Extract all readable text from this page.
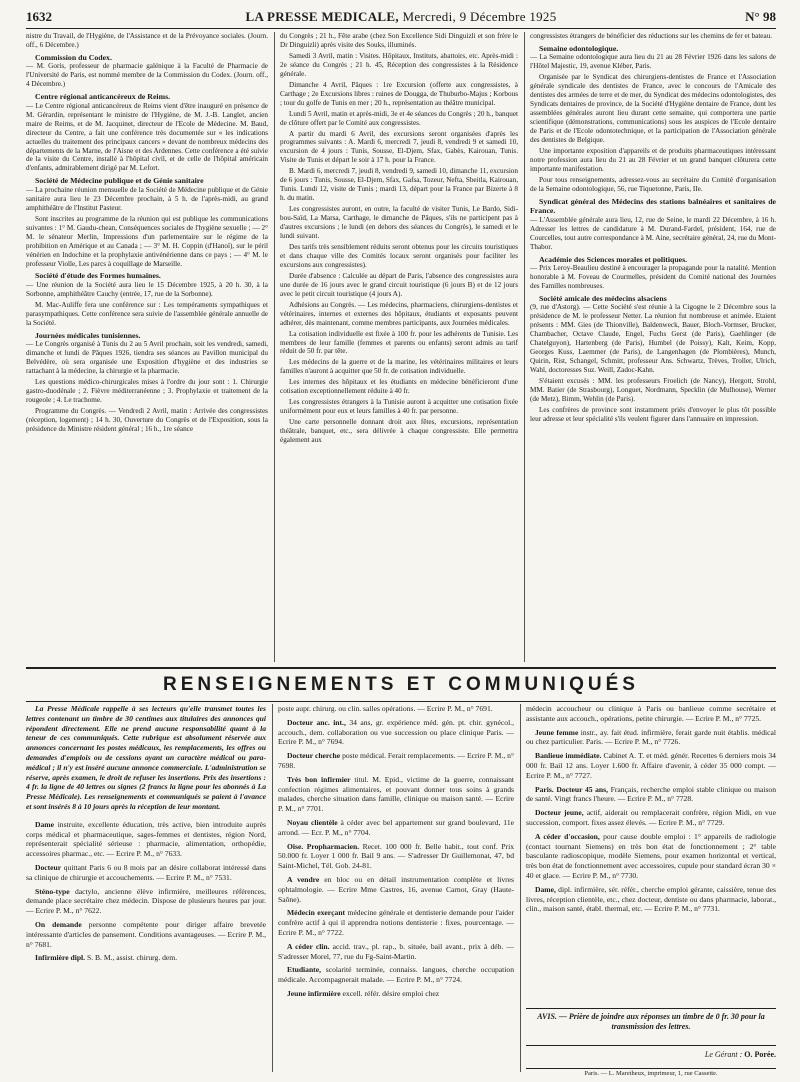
1632	LA PRESSE MEDICALE, Mercredi, 9 Décembre 1925	N° 98

nistre du Travail, de l'Hygiène, de l'Assistance et de la Prévoyance sociales. (Journ. off., 6 Décembre.)

Commission du Codex.

— M. Goris, professeur de pharmacie galénique à la Faculté de Pharmacie de l'Université de Paris, est nommé membre de la Commission du Codex. (Journ. off., 4 Décembre.)

Centre régional anticancéreux de Reims.

— Le Centre régional anticancéreux de Reims vient d'être inauguré en présence de M. Gérardin, représentant le ministre de l'Hygiène, de M. J.-B. Langlet, ancien maire de Reims, et de M. Jacquinet, directeur de l'Ecole de Médecine. M. Baud, directeur du Centre, a fait une conférence très documentée sur « les indications actuelles du traitement des principaux cancers » devant de nombreux médecins des départements de la Marne, de l'Aisne et des Ardennes. Cette conférence a été suivie de la visite du Centre, installé à l'hôpital civil, et de celle de l'hôpital américain d'enfants, admirablement dirigé par M. Lefort.

Société de Médecine publique et de Génie sanitaire

— La prochaine réunion mensuelle de la Société de Médecine publique et de Génie sanitaire aura lieu le 23 Décembre prochain, à 5 h. de l'après-midi, au grand amphithéâtre de l'Institut Pasteur.

Sont inscrites au programme de la réunion qui est publique les communications suivantes : 1° M. Gaudu-chean, Conséquences sociales de l'hygiène sexuelle ; — 2° M. le sénateur Merlin, Impressions d'un parlementaire sur le régime de la prohibition en Amérique et au Canada ; — 3° M. H. Coppin (d'Hanoï), sur le péril vénérien en Indochine et la prophylaxie antivénérienne dans ce pays ; — 4° M. le professeur Violle, Les parcs à coquillage de Marseille.

Société d'étude des Formes humaines.

— Une réunion de la Société aura lieu le 15 Décembre 1925, à 20 h. 30, à la Sorbonne, amphithéâtre Cauchy (entrée, 17, rue de la Sorbonne).

M. Mac-Auliffe fera une conférence sur : Les tempéraments sympathiques et parasympathiques. Cette conférence sera suivie de l'assemblée générale annuelle de la Société.

Journées médicales tunisiennes.

— Le Congrès organisé à Tunis du 2 au 5 Avril prochain, soit les vendredi, samedi, dimanche et lundi de Pâques 1926, tiendra ses séances au Pavillon municipal du Belvédère, où sera organisée une Exposition d'hygiène et des industries se rattachant à la médecine, la chirurgie et la pharmacie.

Les questions médico-chirurgicales mises à l'ordre du jour sont : 1. Chirurgie gastro-duodénale ; 2. Fièvre méditerranéenne ; 3. Prophylaxie et traitement de la rougeole ; 4. Le trachome.

Programme du Congrès. — Vendredi 2 Avril, matin : Arrivée des congressistes (réception, logement) ; 14 h. 30, Ouverture du Congrès et de l'Exposition, sous la présidence du Ministre résident général ; 16 h., 1re séance

du Congrès ; 21 h., Fête arabe (chez Son Excellence Sidi Dinguizli et son frère le Dr Dinguizli) après visite des Souks, illuminés.

Samedi 3 Avril, matin : Visites. Hôpitaux, Instituts, abattoirs, etc. Après-midi : 2e séance du Congrès ; 21 h. 45, Réception des congressistes à la Résidence générale.

Dimanche 4 Avril, Pâques : 1re Excursion (offerte aux congressistes, à Carthage ; 2e Excursions libres : ruines de Dougga, de Thuburbo-Majus ; Korbous ; tour du golfe de Tunis en mer ; 20 h., représentation au théâtre municipal.

Lundi 5 Avril, matin et après-midi, 3e et 4e séances du Congrès ; 20 h., banquet de clôture offert par le Comité aux congressistes.

A partir du mardi 6 Avril, des excursions seront organisées d'après les programmes suivants : A. Mardi 6, mercredi 7, jeudi 8, vendredi 9 et samedi 10, excursion de 4 jours : Tunis, Sousse, El-Djem, Sfax, Gabès, Kairouan, Tunis. Visite de Tunis et départ le soir à 17 h. pour la France.

B. Mardi 6, mercredi 7, jeudi 8, vendredi 9, samedi 10, dimanche 11, excursion de 6 jours : Tunis, Sousse, El-Djem, Sfax, Gafsa, Tozeur, Nefta, Sbeitla, Kairouan, Tunis. Lundi 12, visite de Tunis ; mardi 13, départ pour la France par Bizerte à 8 h. du matin.

Les congressistes auront, en outre, la faculté de visiter Tunis, Le Bardo, Sidi-bou-Saïd, La Marsa, Carthage, le dimanche de Pâques, s'ils ne participent pas à d'autres excursions ; le lundi (en dehors des séances du Congrès), le samedi et le lundi suivant.

Des tarifs très sensiblement réduits seront obtenus pour les circuits touristiques et dans chaque ville des Comités locaux seront organisés pour faciliter les excursions aux congressistes).

Durée d'absence : Calculée au départ de Paris, l'absence des congressistes aura une durée de 16 jours avec le grand circuit touristique (6 jours B) et de 12 jours avec le petit circuit touristique (4 jours A).

Adhésions au Congrès. — Les médecins, pharmaciens, chirurgiens-dentistes et vétérinaires, internes et externes des hôpitaux, étudiants et exposants peuvent adhérer, dès maintenant, comme membres participants, aux Journées médicales.

La cotisation individuelle est fixée à 100 fr. pour les adhérents de Tunisie. Les membres de leur famille (femmes et parents ou enfants) seront admis au tarif réduit de 50 fr. par tête.

Les médecins de la guerre et de la marine, les vétérinaires militaires et leurs familles n'auront à acquitter que 50 fr. de cotisation individuelle.

Les internes des hôpitaux et les étudiants en médecine bénéficieront d'une cotisation exceptionnellement réduite à 40 fr.

Les congressistes étrangers à la Tunisie auront à acquitter une cotisation fixée uniformément pour eux et leurs familles à 40 fr. par personne.

Une carte personnelle donnant droit aux fêtes, excursions, représentation théâtrale, banquet, etc., sera délivrée à chaque congressiste. Elle permettra également aux

congressistes étrangers de bénéficier des réductions sur les chemins de fer et bateau.

Semaine odontologique.

— La Semaine odontologique aura lieu du 21 au 28 Février 1926 dans les salons de l'Hôtel Majestic, 19, avenue Kléber, Paris.

Organisée par le Syndicat des chirurgiens-dentistes de France et l'Association générale syndicale des dentistes de France, avec le concours de l'Amicale des dentistes des armées de terre et de mer, du Syndicat des médecins odontologistes, des Syndicats dentaires de province, de la Société d'Hygiène dentaire de France, dont les assemblées générales auront lieu durant cette semaine, qui comportera une partie scientifique (démonstrations, communications) sous les auspices de l'Ecole dentaire de Paris et de l'Ecole odontotechnique, et la participation de l'Association générale des dentistes de Belgique.

Une importante exposition d'appareils et de produits pharmaceutiques intéressant notre profession aura lieu du 21 au 28 Février et un grand banquet clôturera cette importante manifestation.

Pour tous renseignements, adressez-vous au secrétaire du Comité d'organisation de la Semaine odontologique, 56, rue Tiquetonne, Paris, IIe.

Syndicat général des Médecins des stations balnéaires et sanitaires de France.

— L'Assemblée générale aura lieu, 12, rue de Seine, le mardi 22 Décembre, à 16 h. Adresser les lettres de candidature à M. Durand-Fardel, président, 164, rue de Courcelles, tout autre correspondance à M. Aine, secrétaire général, 24, rue du Mont-Thabor.

Académie des Sciences morales et politiques.

— Prix Leroy-Beaulieu destiné à encourager la propagande pour la natalité. Mention honorable à M. Foveau de Courmelles, président du Comité national des Journées des Familles nombreuses.

Société amicale des médecins alsaciens

(9, rue d'Astorg). — Cette Société s'est réunie à la Cigogne le 2 Décembre sous la présidence de M. le professeur Netter. La réunion fut nombreuse et animée. Etaient présents : MM. Gies (de Thionville), Baldenweck, Bauer, Bloch-Vormser, Brucker, Chambacher, Octave Claude, Engel, Fuchs Gerst (de Paris), Gaehlinger (de Chatelguyon), Hartenberg (de Paris), Humbel (de Poissy), Kalt, Keim, Kopp, Georges Kuss, Laemmer (de Paris), de Langenhagen (de Plombières), Munch, Quirin, Rist, Schangel, Schmitt, professeur Ans. Schwartz, Trèves, Troller, Ulrich, Wahl, doctoresses Suz. Weill, Zadoc-Kahn.

S'étaient excusés : MM. les professeurs Froelich (de Nancy), Hergott, Strohl, MM. Batier (de Strasbourg), Longuet, Nordmann, Specklin (de Mulhouse), Werner (de Metz), Bimm, Wehlin (de Paris).

Les confrères de province sont instamment priés d'envoyer le plus tôt possible leur adresse et leur spécialité s'ils veulent figurer dans l'annuaire en impression.

RENSEIGNEMENTS ET COMMUNIQUÉS

La Presse Médicale rappelle à ses lecteurs qu'elle transmet toutes les lettres contenant un timbre de 30 centimes aux titulaires des annonces qui répondent directement. Elle ne prend aucune responsabilité quant à la teneur de ces communiqués. Cette rubrique est absolument réservée aux annonces concernant les postes médicaux, les remplacements, les offres ou demandes d'emplois ou de cessions ayant un caractère médical ou para-médical ; il n'y est inséré aucune annonce commerciale. L'administration se réserve, après examen, le droit de refuser les insertions. Prix des insertions : 4 fr. la ligne de 40 lettres ou signes (2 francs la ligne pour les abonnés à La Presse Médicale). Les renseignements et communiqués se paient à l'avance et sont insérés 8 à 10 jours après la réception de leur montant.

Dame instruite, excellente éducation, très active, bien introduite auprès corps médical et pharmaceutique, sages-femmes et dentistes, région Nord, représenterait spécialité sérieuse : pharmacie, alimentation, orthopédie, accessoires pharmac., etc. — Ecrire P. M., n° 7633.

Docteur quittant Paris 6 ou 8 mois par an désire collaborat intéressé dans sa clinique de chirurgie et accouchements. — Ecrire P. M., n° 7531.

Sténo-type dactylo, ancienne élève infirmière, meilleures références, demande place secrétaire chez médecin. Dispose de plusieurs heures par jour. — Ecrire P. M., n° 7622.

On demande personne compétente pour diriger affaire brevetée intéressante d'articles de pansement. Conditions avantageuses. — Ecrire P. M., n° 7681.

Infirmière dipl. S. B. M., assist. chirurg. dem.

poste aupr. chirurg. ou clin. salles opérations. — Ecrire P. M., n° 7691.

Docteur anc. int., 34 ans, gr. expérience méd. gén. pt. chir. gynécol., accouch., dem. collaboration ou vue succession ou place clinique Paris. — Ecrire P. M., n° 7694.

Docteur cherche poste médical. Ferait remplacements. — Ecrire P. M., n° 7698.

Très bon infirmier titul. M. Epid., victime de la guerre, connaissant confection régimes alimentaires, et pouvant donner tous soins à grands malades, cherche situation dans famille, clinique ou maison santé. — Ecrire P. M., n° 7701.

Noyau clientèle à céder avec bel appartement sur grand boulevard, 11e arrond. — Ecr. P. M., n° 7704.

Oise. Propharmacien. Recet. 100 000 fr. Belle habit., tout conf. Prix 50.000 fr. Loyer 1 000 fr. Bail 9 ans. — S'adresser Dr Guillemonat, 47, bd Saint-Michel, Tél. Gob. 24-81.

A vendre en bloc ou en détail instrumentation complète et livres ophtalmologie. — Ecrire Mme Castres, 16, avenue Carnot, Gray (Haute-Saône).

Médecin exerçant médecine générale et dentisterie demande pour l'aider confrère actif à qui il apprendra notions dentisterie : fixes, pourcentage. — Ecrire P. M., n° 7722.

A céder clin. accid. trav., pl. rap., b. située, bail avant., prix à déb. — S'adresser Morel, 77, rue du Fg-Saint-Martin.

Etudiante, scolarité terminée, connaiss. langues, cherche occupation médicale. Accompagnerait malade. — Ecrire P. M., n° 7724.

Jeune infirmière excell. référ. désire emploi chez

médecin accoucheur ou clinique à Paris ou banlieue comme secrétaire et assistante aux accouch., opérations, petite chirurgie. — Ecrire P. M., n° 7725.

Jeune femme instr., ay. fait étud. infirmière, ferait garde nuit établis. médical ou chez particulier. Paris. — Ecrire P. M., n° 7726.

Banlieue immédiate. Cabinet A. T. et méd. génér. Recettes 6 derniers mois 34 000 fr. Bail 12 ans. Loyer 1.600 fr. Affaire d'avenir, à céder 35 000 compt. — Ecrire P. M., n° 7727.

Paris. Docteur 45 ans, Français, recherche emploi stable clinique ou maison de santé. Vingt francs l'heure. — Ecrire P. M., n° 7728.

Docteur jeune, actif, aiderait ou remplacerait confrère, région Midi, en vue succession, comport. fixes assez élevés. — Ecrire P. M., n° 7729.

A céder d'occasion, pour cause double emploi : 1° appareils de radiologie (contact tournant Siemens) en très bon état de fonctionnement ; 2° table basculante radioscopique, modèle Siemens, pour examen horizontal et vertical, très bon état de fonctionnement avec accessoires, cupule pour standard écran 30 × 40 et glace. — Ecrire P. M., n° 7730.

Dame, dipl. infirmière, sér. référ., cherche emploi gérante, caissière, tenue des livres, réception clientèle, etc., chez docteur, dentiste ou dans pharmacie, laborat., clin., maison santé, établ. thermal, etc. — Ecrire P. M., n° 7731.

AVIS. — Prière de joindre aux réponses un timbre de 0 fr. 30 pour la transmission des lettres.
Le Gérant : O. Porée.
Paris. — L. Maretheux, imprimeur, 1, rue Cassette.
